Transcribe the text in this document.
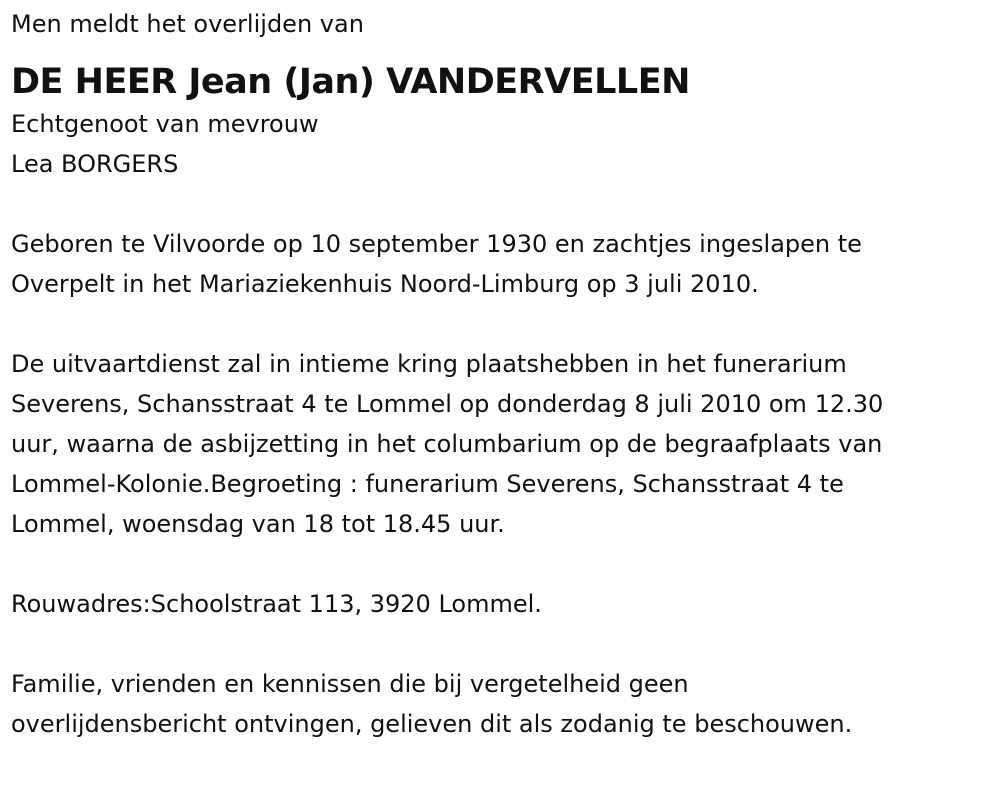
Men meldt het overlijden van

DE HEER Jean (Jan) VANDERVELLEN

Echtgenoot van mevrouw

Lea BORGERS

Geboren te Vilvoorde op 10 september 1930 en zachtjes ingeslapen te
Overpelt in het Mariaziekenhuis Noord-Limburg op 3 juli 2010.

De uitvaartdienst zal in intieme kring plaatshebben in het funerarium
Severens, Schansstraat 4 te Lommel op donderdag 8 juli 2010 om 12.30
uur, waarna de asbijzetting in het columbarium op de begraafplaats van
Lommel-Kolonie.Begroeting : funerarium Severens, Schansstraat 4 te
Lommel, woensdag van 18 tot 18.45 uur.

Rouwadres:Schoolstraat 113, 3920 Lommel.

Familie, vrienden en kennissen die bij vergetelheid geen
overlijdensbericht ontvingen, gelieven dit als zodanig te beschouwen.
